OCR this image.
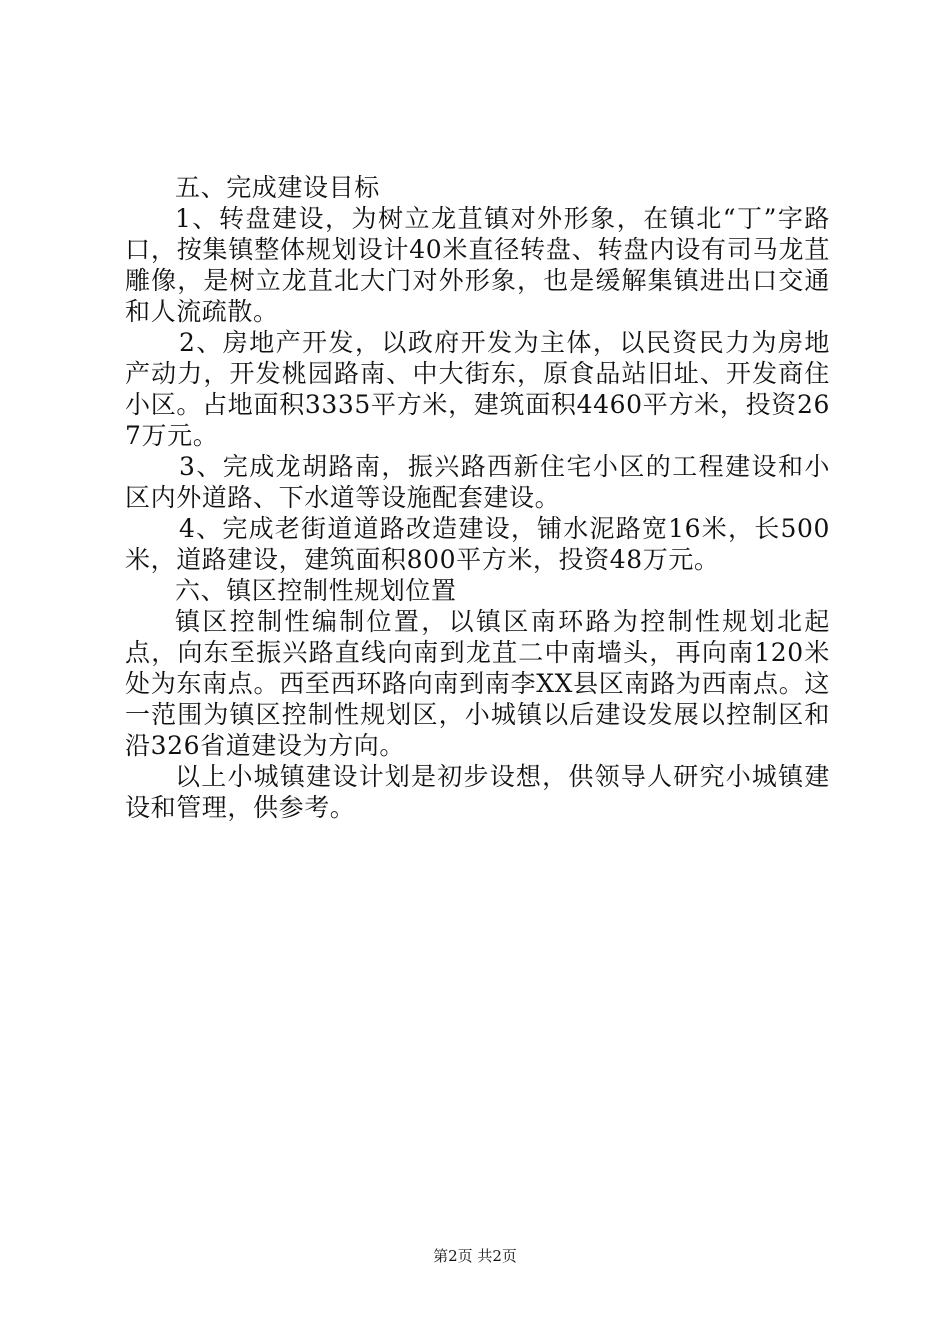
五、完成建设目标

1、转盘建设，为树立龙苴镇对外形象，在镇北“丁”字路口，按集镇整体规划设计40米直径转盘、转盘内设有司马龙苴雕像，是树立龙苴北大门对外形象，也是缓解集镇进出口交通和人流疏散。

2、房地产开发，以政府开发为主体，以民资民力为房地产动力，开发桃园路南、中大街东，原食品站旧址、开发商住小区。占地面积3335平方米，建筑面积4460平方米，投资267万元。

3、完成龙胡路南，振兴路西新住宅小区的工程建设和小区内外道路、下水道等设施配套建设。

4、完成老街道道路改造建设，铺水泥路宽16米，长500米，道路建设，建筑面积800平方米，投资48万元。

六、镇区控制性规划位置

镇区控制性编制位置，以镇区南环路为控制性规划北起点，向东至振兴路直线向南到龙苴二中南墙头，再向南120米处为东南点。西至西环路向南到南李XX县区南路为西南点。这一范围为镇区控制性规划区，小城镇以后建设发展以控制区和沿326省道建设为方向。

以上小城镇建设计划是初步设想，供领导人研究小城镇建设和管理，供参考。

第2页 共2页
